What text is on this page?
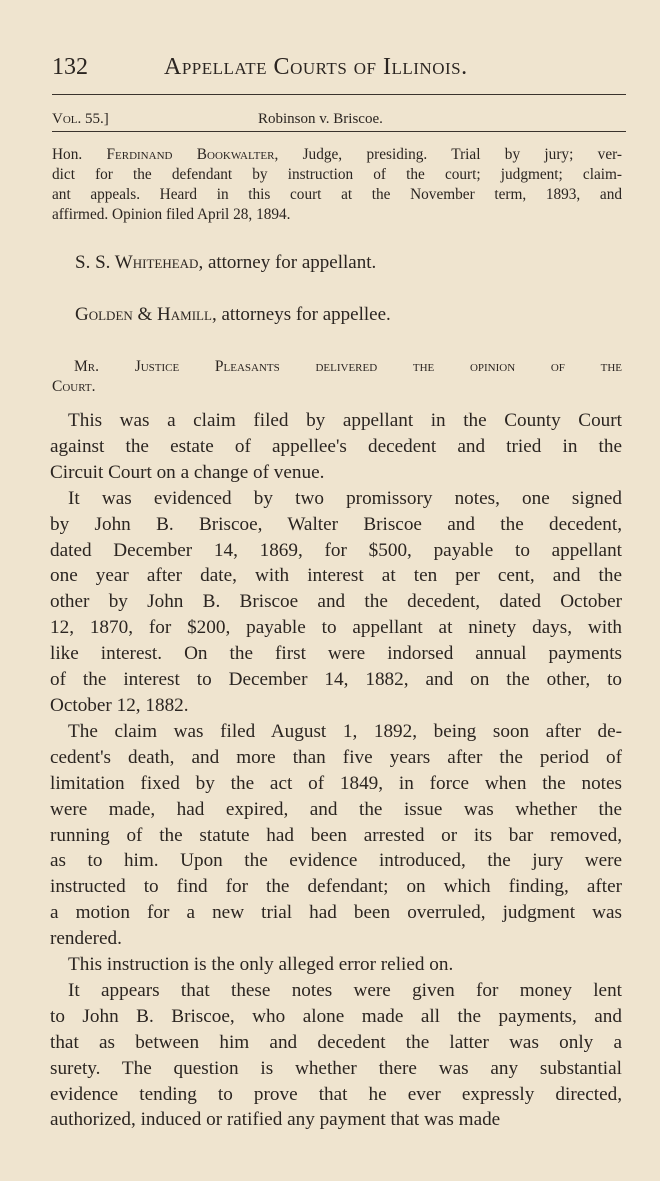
132	Appellate Courts of Illinois.
Vol. 55.]	Robinson v. Briscoe.
Hon. Ferdinand Bookwalter, Judge, presiding. Trial by jury; ver-
dict for the defendant by instruction of the court; judgment; claim-
ant appeals. Heard in this court at the November term, 1893, and
affirmed. Opinion filed April 28, 1894.
S. S. Whitehead, attorney for appellant.
Golden & Hamill, attorneys for appellee.
Mr. Justice Pleasants delivered the opinion of the
Court.
This was a claim filed by appellant in the County Court
against the estate of appellee's decedent and tried in the
Circuit Court on a change of venue.
It was evidenced by two promissory notes, one signed
by John B. Briscoe, Walter Briscoe and the decedent,
dated December 14, 1869, for $500, payable to appellant
one year after date, with interest at ten per cent, and the
other by John B. Briscoe and the decedent, dated October
12, 1870, for $200, payable to appellant at ninety days, with
like interest. On the first were indorsed annual payments
of the interest to December 14, 1882, and on the other, to
October 12, 1882.
The claim was filed August 1, 1892, being soon after de-
cedent's death, and more than five years after the period of
limitation fixed by the act of 1849, in force when the notes
were made, had expired, and the issue was whether the
running of the statute had been arrested or its bar removed,
as to him. Upon the evidence introduced, the jury were
instructed to find for the defendant; on which finding, after
a motion for a new trial had been overruled, judgment was
rendered.
This instruction is the only alleged error relied on.
It appears that these notes were given for money lent
to John B. Briscoe, who alone made all the payments, and
that as between him and decedent the latter was only a
surety. The question is whether there was any substantial
evidence tending to prove that he ever expressly directed,
authorized, induced or ratified any payment that was made
